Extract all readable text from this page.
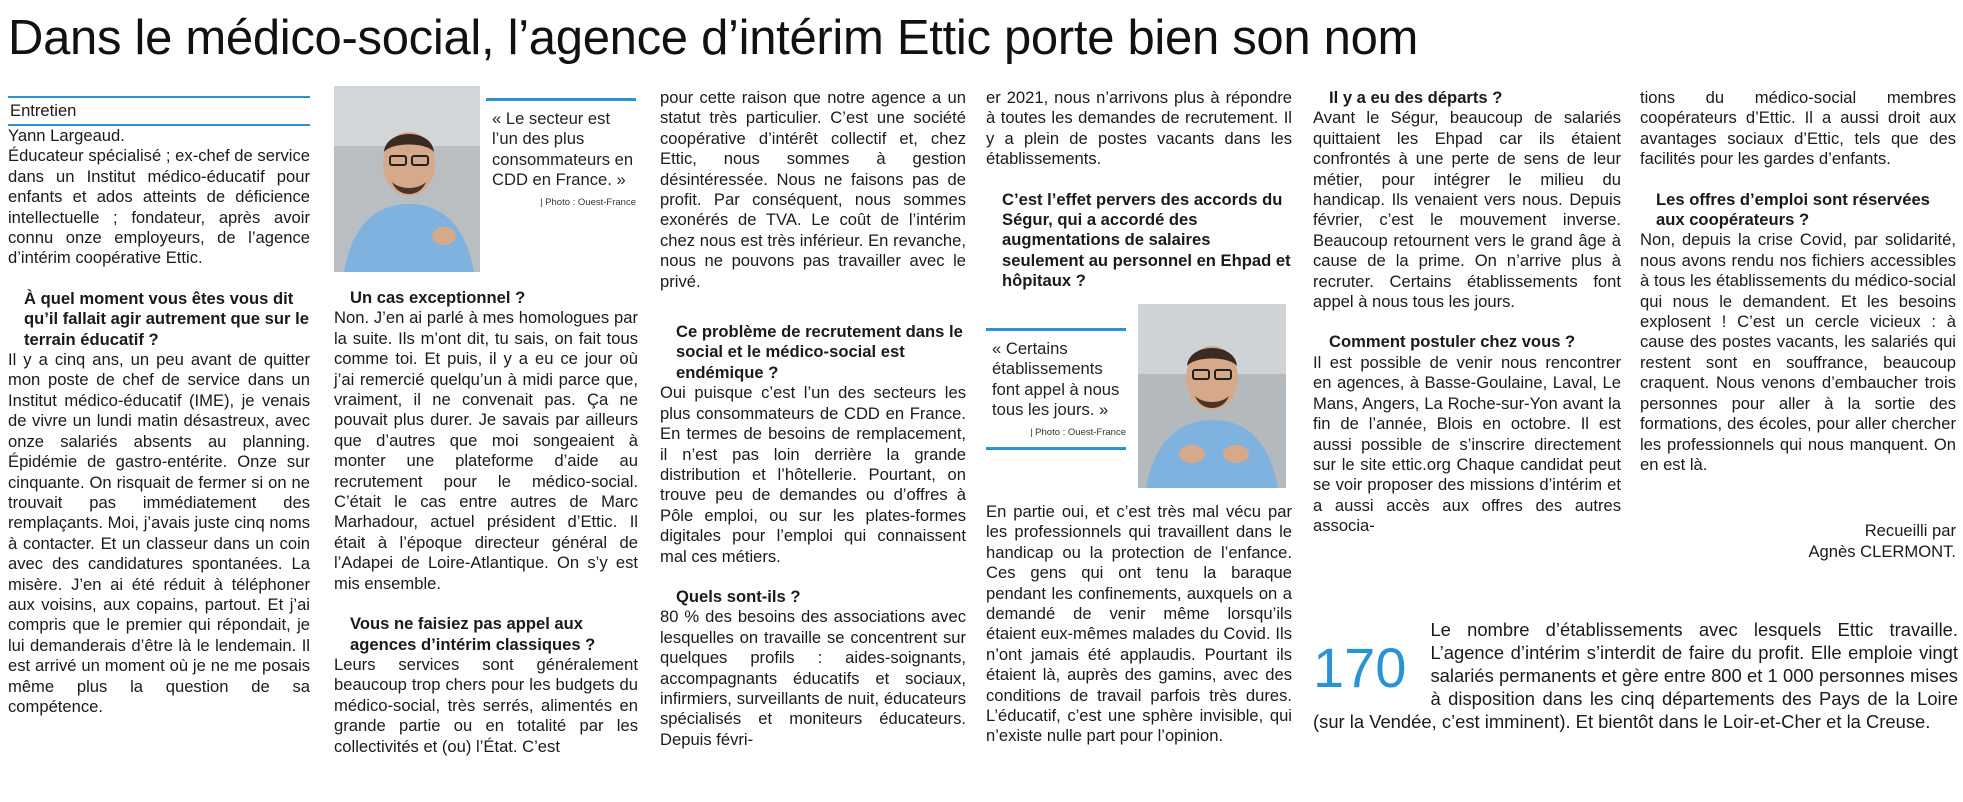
Dans le médico-social, l’agence d’intérim Ettic porte bien son nom
Entretien

Yann Largeaud.

Éducateur spécialisé ; ex-chef de service dans un Institut médico-éducatif pour enfants et ados atteints de déficience intellectuelle ; fondateur, après avoir connu onze employeurs, de l’agence d’intérim coopérative Ettic.

À quel moment vous êtes vous dit qu’il fallait agir autrement que sur le terrain éducatif ?

Il y a cinq ans, un peu avant de quitter mon poste de chef de service dans un Institut médico-éducatif (IME), je venais de vivre un lundi matin désastreux, avec onze salariés absents au planning. Épidémie de gastro-entérite. Onze sur cinquante. On risquait de fermer si on ne trouvait pas immédiatement des remplaçants. Moi, j’avais juste cinq noms à contacter. Et un classeur dans un coin avec des candidatures spontanées. La misère. J’en ai été réduit à téléphoner aux voisins, aux copains, partout. Et j’ai compris que le premier qui répondait, je lui demanderais d’être là le lendemain. Il est arrivé un moment où je ne me posais même plus la question de sa compétence.

« Le secteur est l’un des plus consommateurs en CDD en France. »
| Photo : Ouest-France
Un cas exceptionnel ?

Non. J’en ai parlé à mes homologues par la suite. Ils m’ont dit, tu sais, on fait tous comme toi. Et puis, il y a eu ce jour où j’ai remercié quelqu’un à midi parce que, vraiment, il ne convenait pas. Ça ne pouvait plus durer. Je savais par ailleurs que d’autres que moi songeaient à monter une plateforme d’aide au recrutement pour le médico-social. C’était le cas entre autres de Marc Marhadour, actuel président d’Ettic. Il était à l’époque directeur général de l’Adapei de Loire-Atlantique. On s’y est mis ensemble.

Vous ne faisiez pas appel aux agences d’intérim classiques ?

Leurs services sont généralement beaucoup trop chers pour les budgets du médico-social, très serrés, alimentés en grande partie ou en totalité par les collectivités et (ou) l’État. C’est

pour cette raison que notre agence a un statut très particulier. C’est une société coopérative d’intérêt collectif et, chez Ettic, nous sommes à gestion désintéressée. Nous ne faisons pas de profit. Par conséquent, nous sommes exonérés de TVA. Le coût de l’intérim chez nous est très inférieur. En revanche, nous ne pouvons pas travailler avec le privé.

Ce problème de recrutement dans le social et le médico-social est endémique ?

Oui puisque c’est l’un des secteurs les plus consommateurs de CDD en France. En termes de besoins de remplacement, il n’est pas loin derrière la grande distribution et l’hôtellerie. Pourtant, on trouve peu de demandes ou d’offres à Pôle emploi, ou sur les plates-formes digitales pour l’emploi qui connaissent mal ces métiers.

Quels sont-ils ?

80 % des besoins des associations avec lesquelles on travaille se concentrent sur quelques profils : aides-soignants, accompagnants éducatifs et sociaux, infirmiers, surveillants de nuit, éducateurs spécialisés et moniteurs éducateurs. Depuis févri-

er 2021, nous n’arrivons plus à répondre à toutes les demandes de recrutement. Il y a plein de postes vacants dans les établissements.

C’est l’effet pervers des accords du Ségur, qui a accordé des augmentations de salaires seulement au personnel en Ehpad et hôpitaux ?
« Certains établissements font appel à nous tous les jours. »
| Photo : Ouest-France

En partie oui, et c’est très mal vécu par les professionnels qui travaillent dans le handicap ou la protection de l’enfance. Ces gens qui ont tenu la baraque pendant les confinements, auxquels on a demandé de venir même lorsqu’ils étaient eux-mêmes malades du Covid. Ils n’ont jamais été applaudis. Pourtant ils étaient là, auprès des gamins, avec des conditions de travail parfois très dures. L’éducatif, c’est une sphère invisible, qui n’existe nulle part pour l’opinion.

Il y a eu des départs ?

Avant le Ségur, beaucoup de salariés quittaient les Ehpad car ils étaient confrontés à une perte de sens de leur métier, pour intégrer le milieu du handicap. Ils venaient vers nous. Depuis février, c’est le mouvement inverse. Beaucoup retournent vers le grand âge à cause de la prime. On n’arrive plus à recruter. Certains établissements font appel à nous tous les jours.

Comment postuler chez vous ?

Il est possible de venir nous rencontrer en agences, à Basse-Goulaine, Laval, Le Mans, Angers, La Roche-sur-Yon avant la fin de l’année, Blois en octobre. Il est aussi possible de s’inscrire directement sur le site ettic.org Chaque candidat peut se voir proposer des missions d’intérim et a aussi accès aux offres des autres associa-

tions du médico-social membres coopérateurs d’Ettic. Il a aussi droit aux avantages sociaux d’Ettic, tels que des facilités pour les gardes d’enfants.

Les offres d’emploi sont réservées aux coopérateurs ?

Non, depuis la crise Covid, par solidarité, nous avons rendu nos fichiers accessibles à tous les établissements du médico-social qui nous le demandent. Et les besoins explosent ! C’est un cercle vicieux : à cause des postes vacants, les salariés qui restent sont en souffrance, beaucoup craquent. Nous venons d’embaucher trois personnes pour aller à la sortie des formations, des écoles, pour aller chercher les professionnels qui nous manquent. On en est là.

Recueilli par

Agnès CLERMONT.

170
Le nombre d’établissements avec lesquels Ettic travaille. L’agence d’intérim s’interdit de faire du profit. Elle emploie vingt salariés permanents et gère entre 800 et 1 000 personnes mises à disposition dans les cinq départements des Pays de la Loire (sur la Vendée, c’est imminent). Et bientôt dans le Loir-et-Cher et la Creuse.
